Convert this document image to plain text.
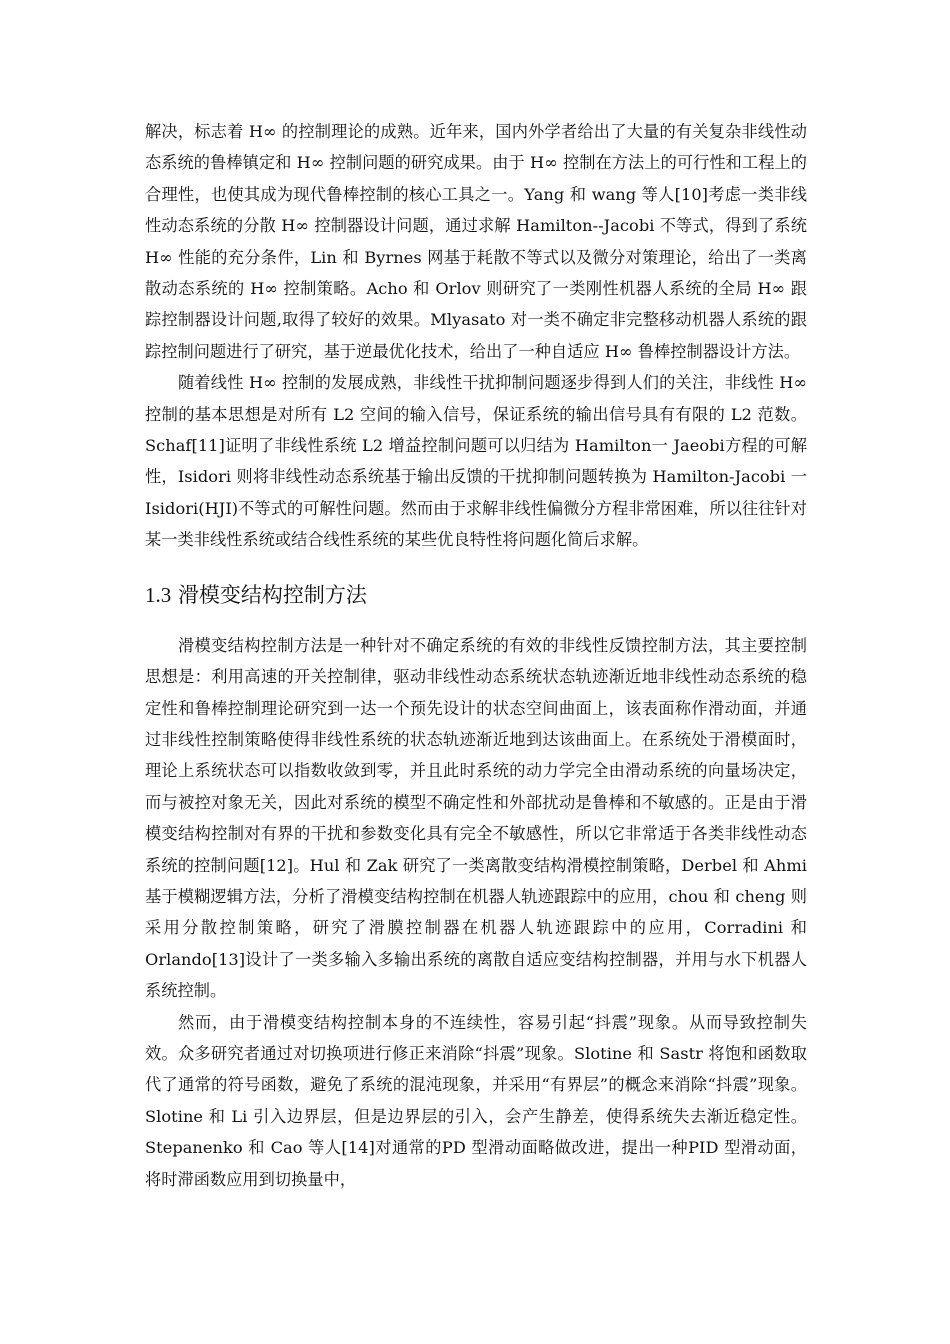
解决，标志着 H∞ 的控制理论的成熟。近年来，国内外学者给出了大量的有关复杂非线性动态系统的鲁棒镇定和 H∞ 控制问题的研究成果。由于 H∞ 控制在方法上的可行性和工程上的合理性，也使其成为现代鲁棒控制的核心工具之一。Yang 和 wang 等人[10]考虑一类非线性动态系统的分散 H∞ 控制器设计问题，通过求解 Hamilton--Jacobi 不等式，得到了系统 H∞ 性能的充分条件，Lin 和 Byrnes 网基于耗散不等式以及微分对策理论，给出了一类离散动态系统的 H∞ 控制策略。Acho 和 Orlov 则研究了一类刚性机器人系统的全局 H∞ 跟踪控制器设计问题,取得了较好的效果。Mlyasato 对一类不确定非完整移动机器人系统的跟踪控制问题进行了研究，基于逆最优化技术，给出了一种自适应 H∞ 鲁棒控制器设计方法。

随着线性 H∞ 控制的发展成熟，非线性干扰抑制问题逐步得到人们的关注，非线性 H∞ 控制的基本思想是对所有 L2 空间的输入信号，保证系统的输出信号具有有限的 L2 范数。Schaf[11]证明了非线性系统 L2 增益控制问题可以归结为 Hamilton一 Jaeobi方程的可解性，Isidori 则将非线性动态系统基于输出反馈的干扰抑制问题转换为 Hamilton-Jacobi 一 Isidori(HJI)不等式的可解性问题。然而由于求解非线性偏微分方程非常困难，所以往往针对某一类非线性系统或结合线性系统的某些优良特性将问题化简后求解。

1.3 滑模变结构控制方法

滑模变结构控制方法是一种针对不确定系统的有效的非线性反馈控制方法，其主要控制思想是：利用高速的开关控制律，驱动非线性动态系统状态轨迹渐近地非线性动态系统的稳定性和鲁棒控制理论研究到一达一个预先设计的状态空间曲面上，该表面称作滑动面，并通过非线性控制策略使得非线性系统的状态轨迹渐近地到达该曲面上。在系统处于滑模面时，理论上系统状态可以指数收敛到零，并且此时系统的动力学完全由滑动系统的向量场决定，而与被控对象无关，因此对系统的模型不确定性和外部扰动是鲁棒和不敏感的。正是由于滑模变结构控制对有界的干扰和参数变化具有完全不敏感性，所以它非常适于各类非线性动态系统的控制问题[12]。Hul 和 Zak 研究了一类离散变结构滑模控制策略，Derbel 和 Ahmi 基于模糊逻辑方法，分析了滑模变结构控制在机器人轨迹跟踪中的应用，chou 和 cheng 则采用分散控制策略，研究了滑膜控制器在机器人轨迹跟踪中的应用，Corradini 和 Orlando[13]设计了一类多输入多输出系统的离散自适应变结构控制器，并用与水下机器人系统控制。

然而，由于滑模变结构控制本身的不连续性，容易引起“抖震”现象。从而导致控制失效。众多研究者通过对切换项进行修正来消除“抖震”现象。Slotine 和 Sastr 将饱和函数取代了通常的符号函数，避免了系统的混沌现象，并采用“有界层”的概念来消除“抖震”现象。Slotine 和 Li 引入边界层，但是边界层的引入，会产生静差，使得系统失去渐近稳定性。 Stepanenko 和 Cao 等人[14]对通常的PD 型滑动面略做改进，提出一种PID 型滑动面，将时滞函数应用到切换量中，
